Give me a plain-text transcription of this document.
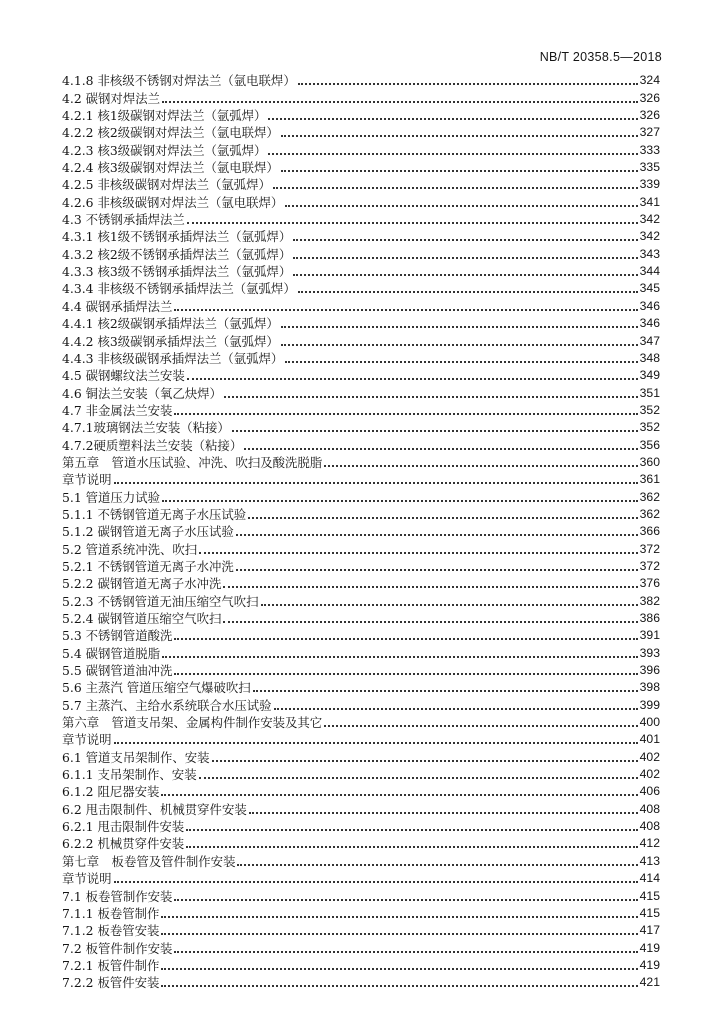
NB/T 20358.5—2018
4.1.8 非核级不锈钢对焊法兰（氩电联焊）	324
4.2 碳钢对焊法兰	326
4.2.1 核1级碳钢对焊法兰（氩弧焊）	326
4.2.2 核2级碳钢对焊法兰（氩电联焊）	327
4.2.3 核3级碳钢对焊法兰（氩弧焊）	333
4.2.4 核3级碳钢对焊法兰（氩电联焊）	335
4.2.5 非核级碳钢对焊法兰（氩弧焊）	339
4.2.6 非核级碳钢对焊法兰（氩电联焊）	341
4.3 不锈钢承插焊法兰	342
4.3.1 核1级不锈钢承插焊法兰（氩弧焊）	342
4.3.2 核2级不锈钢承插焊法兰（氩弧焊）	343
4.3.3 核3级不锈钢承插焊法兰（氩弧焊）	344
4.3.4 非核级不锈钢承插焊法兰（氩弧焊）	345
4.4 碳钢承插焊法兰	346
4.4.1 核2级碳钢承插焊法兰（氩弧焊）	346
4.4.2 核3级碳钢承插焊法兰（氩弧焊）	347
4.4.3 非核级碳钢承插焊法兰（氩弧焊）	348
4.5 碳钢螺纹法兰安装	349
4.6 铜法兰安装（氧乙炔焊）	351
4.7 非金属法兰安装	352
4.7.1玻璃钢法兰安装（粘接）	352
4.7.2硬质塑料法兰安装（粘接）	356
第五章　管道水压试验、冲洗、吹扫及酸洗脱脂	360
章节说明	361
5.1 管道压力试验	362
5.1.1 不锈钢管道无离子水压试验	362
5.1.2 碳钢管道无离子水压试验	366
5.2 管道系统冲洗、吹扫	372
5.2.1 不锈钢管道无离子水冲洗	372
5.2.2 碳钢管道无离子水冲洗	376
5.2.3 不锈钢管道无油压缩空气吹扫	382
5.2.4 碳钢管道压缩空气吹扫	386
5.3 不锈钢管道酸洗	391
5.4 碳钢管道脱脂	393
5.5 碳钢管道油冲洗	396
5.6 主蒸汽 管道压缩空气爆破吹扫	398
5.7 主蒸汽、主给水系统联合水压试验	399
第六章　管道支吊架、金属构件制作安装及其它	400
章节说明	401
6.1 管道支吊架制作、安装	402
6.1.1 支吊架制作、安装	402
6.1.2 阻尼器安装	406
6.2 甩击限制件、机械贯穿件安装	408
6.2.1 甩击限制件安装	408
6.2.2 机械贯穿件安装	412
第七章　板卷管及管件制作安装	413
章节说明	414
7.1 板卷管制作安装	415
7.1.1 板卷管制作	415
7.1.2 板卷管安装	417
7.2 板管件制作安装	419
7.2.1 板管件制作	419
7.2.2 板管件安装	421
